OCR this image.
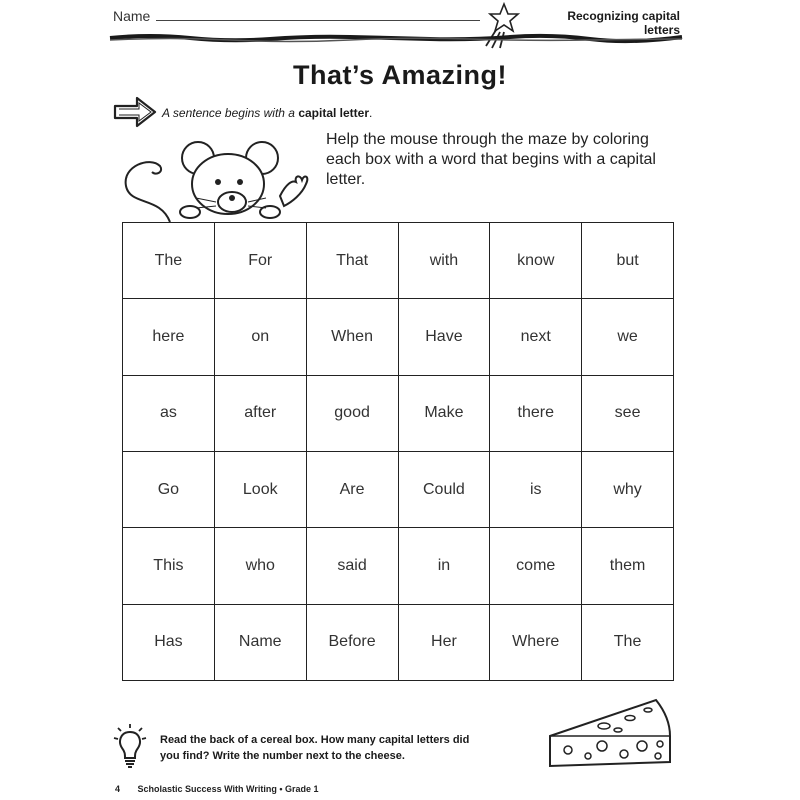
Name	Recognizing capital
letters
That’s Amazing!
A sentence begins with a capital letter.
Help the mouse through the maze by coloring each box with a word that begins with a capital letter.
The	For	That	with	know	but
here	on	When	Have	next	we
as	after	good	Make	there	see
Go	Look	Are	Could	is	why
This	who	said	in	come	them
Has	Name	Before	Her	Where	The
Read the back of a cereal box. How many capital letters did you find? Write the number next to the cheese.
4 Scholastic Success With Writing • Grade 1
